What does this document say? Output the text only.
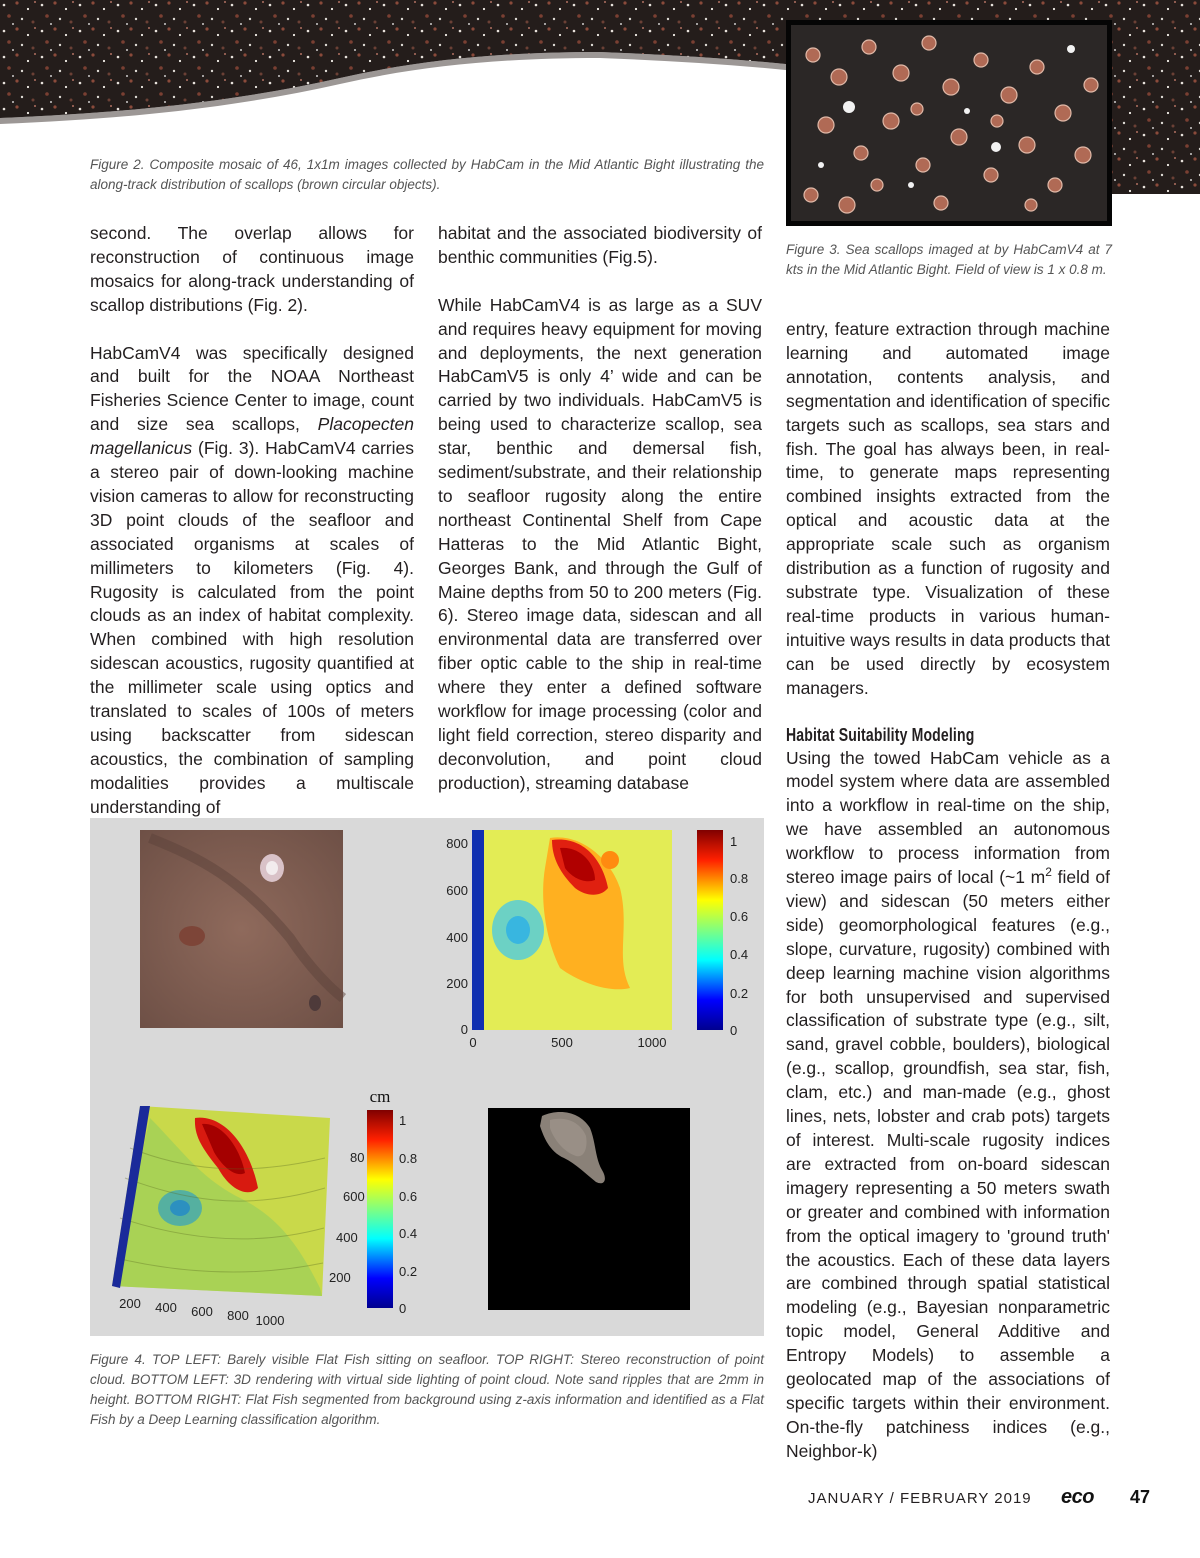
Figure 2. Composite mosaic of 46, 1x1m images collected by HabCam in the Mid Atlantic Bight illustrating the along-track distribution of scallops (brown circular objects).
Figure 3. Sea scallops imaged at by HabCamV4 at 7 kts in the Mid Atlantic Bight. Field of view is 1 x 0.8 m.

second. The overlap allows for reconstruction of continuous image mosaics for along-track understanding of scallop distributions (Fig. 2).

HabCamV4 was specifically designed and built for the NOAA Northeast Fisheries Science Center to image, count and size sea scallops, Placopecten magellanicus (Fig. 3). HabCamV4 carries a stereo pair of down-looking machine vision cameras to allow for reconstructing 3D point clouds of the seafloor and associated organisms at scales of millimeters to kilometers (Fig. 4). Rugosity is calculated from the point clouds as an index of habitat complexity. When combined with high resolution sidescan acoustics, rugosity quantified at the millimeter scale using optics and translated to scales of 100s of meters using backscatter from sidescan acoustics, the combination of sampling modalities provides a multiscale understanding of

habitat and the associated biodiversity of benthic communities (Fig.5).

While HabCamV4 is as large as a SUV and requires heavy equipment for moving and deployments, the next generation HabCamV5 is only 4’ wide and can be carried by two individuals. HabCamV5 is being used to characterize scallop, sea star, benthic and demersal fish, sediment/substrate, and their relationship to seafloor rugosity along the entire northeast Continental Shelf from Cape Hatteras to the Mid Atlantic Bight, Georges Bank, and through the Gulf of Maine depths from 50 to 200 meters (Fig. 6). Stereo image data, sidescan and all environmental data are transferred over fiber optic cable to the ship in real-time where they enter a defined software workflow for image processing (color and light field correction, stereo disparity and deconvolution, and point cloud production), streaming database

entry, feature extraction through machine learning and automated image annotation, contents analysis, and segmentation and identification of specific targets such as scallops, sea stars and fish. The goal has always been, in real-time, to generate maps representing combined insights extracted from the optical and acoustic data at the appropriate scale such as organism distribution as a function of rugosity and substrate type. Visualization of these real-time products in various human-intuitive ways results in data products that can be used directly by ecosystem managers.

Habitat Suitability Modeling

Using the towed HabCam vehicle as a model system where data are assembled into a workflow in real-time on the ship, we have assembled an autonomous workflow to process information from stereo image pairs of local (~1 $m^2$ field of view) and sidescan (50 meters either side) geomorphological features (e.g., slope, curvature, rugosity) combined with deep learning machine vision algorithms for both unsupervised and supervised classification of substrate type (e.g., silt, sand, gravel cobble, boulders), biological (e.g., scallop, groundfish, sea star, fish, clam, etc.) and man-made (e.g., ghost lines, nets, lobster and crab pots) targets of interest. Multi-scale rugosity indices are extracted from on-board sidescan imagery representing a 50 meters swath or greater and combined with information from the optical imagery to 'ground truth' the acoustics. Each of these data layers are combined through spatial statistical modeling (e.g., Bayesian nonparametric topic model, General Additive and Entropy Models) to assemble a geolocated map of the associations of specific targets within their environment. On-the-fly patchiness indices (e.g., Neighbor-k)

800
600
400
200
0
0	500	1000
1
0.8
0.6
0.4
0.2
0
200 400 600 800 1000
80
600
400
200
cm
1
0.8
0.6
0.4
0.2
0
Figure 4. TOP LEFT: Barely visible Flat Fish sitting on seafloor. TOP RIGHT: Stereo reconstruction of point cloud. BOTTOM LEFT: 3D rendering with virtual side lighting of point cloud. Note sand ripples that are 2mm in height. BOTTOM RIGHT: Flat Fish segmented from background using z-axis information and identified as a Flat Fish by a Deep Learning classification algorithm.
JANUARY / FEBRUARY 2019 eco 47
